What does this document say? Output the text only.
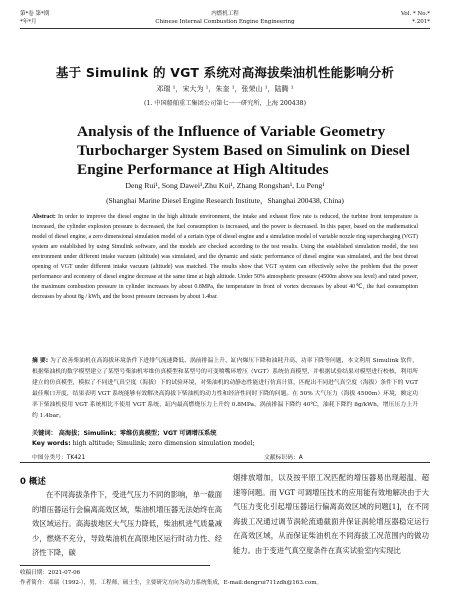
第*卷 第*期
*年*月
内燃机工程
Chinese Internal Combustion Engine Engineering
Vol. * No.*
*.201*
基于 Simulink 的 VGT 系统对高海拔柴油机性能影响分析
邓瑞 ¹，宋大为 ¹，朱奎 ¹，张荣山 ¹，陆腾 ¹
(1. 中国船舶重工集团公司第七一一研究所，上海 200438)
Analysis of the Influence of Variable Geometry Turbocharger System Based on Simulink on Diesel Engine Performance at High Altitudes
Deng Rui¹, Song Dawei¹,Zhu Kui¹, Zhang Rongshan¹, Lu Peng¹
(Shanghai Marine Diesel Engine Research Institute，Shanghai 200438, China)
Abstract: In order to improve the diesel engine in the high altitude environment, the intake and exhaust flow rate is reduced, the turbine front temperature is increased, the cylinder explosion pressure is decreased, the fuel consumption is increased, and the power is decreased. In this paper, based on the mathematical model of diesel engine, a zero dimensional simulation model of a certain type of diesel engine and a simulation model of variable nozzle ring supercharging (VGT) system are established by using Simulink software, and the models are checked according to the test results. Using the established simulation model, the test environment under different intake vacuum (altitude) was simulated, and the dynamic and static performance of diesel engine was simulated, and the best throat opening of VGT under different intake vacuum (altitude) was matched. The results show that VGT system can effectively solve the problem that the power performance and economy of diesel engine decrease at the same time at high altitude. Under 50% atmospheric pressure (4500m above sea level) and rated power, the maximum combustion pressure in cylinder increases by about 0.8MPa, the temperature in front of vortex decreases by about 40℃, the fuel consumption decreases by about 8g / kWh, and the boost pressure increases by about 1.4bar.
摘 要: 为了改善柴油机在高海拔环境条件下进排气流速降低、涡前排温上升、缸内爆压下降和油耗升高、功率下降等问题，本文利用 Simulink 软件，根据柴油机的数学模型建立了某型号柴油机零维仿真模型和某型号的可变喷嘴环增压（VGT）系统仿真模型，并根据试验结果对模型进行校核，利用所建立的仿真模型，模拟了不同进气真空度（海拔）下的试验环境，对柴油机的动静态性能进行仿真计算，匹配出不同进气真空度（海拔）条件下的 VGT 最佳喉口开度，结果表明 VGT 系统能够有效解决高海拔下柴油机的动力性和经济性同时下降的问题。在 50% 大气压力（海拔 4500m）环境，额定功率下柴油机使用 VGT 系统相比不使用 VGT 系统，缸内最高燃烧压力上升约 0.8MPa、涡前排温下降约 40℃，油耗下降约 8g/kWh，增压压力上升约 1.4bar。
关键词： 高海拔；Simulink；零维仿真模型；VGT 可调增压系统
Key words: high altitude; Simulink; zero dimension simulation model;
中图分类号：TK421	文献标识码：A
0 概述
在不同海拔条件下，受进气压力不同的影响，单一截面的增压器运行会偏离高效区域，柴油机增压器无法始终在高效区域运行。高海拔地区大气压力降低，柴油机进气质量减少，燃烧不充分，导致柴油机在高原地区运行时动力性、经济性下降，碳
烟排放增加，以及按平原工况匹配的增压器易出现超温、超速等问题。而 VGT 可调增压技术的应用能有效地解决由于大气压力变化引起增压器运行偏离高效区域的问题[1]，在不同海拔工况通过调节涡轮流通截面并保证涡轮增压器稳定运行在高效区域，从而保证柴油机在不同海拔工况范围内的做功能力。由于变进气真空度条件在真实试验室内实现比
收稿日期：2021-07-06
作者简介：邓瑞（1992-），男，工程师，硕士生，主要研究方向为动力系统集成，E-mail:dengrui711zdh@163.com。
